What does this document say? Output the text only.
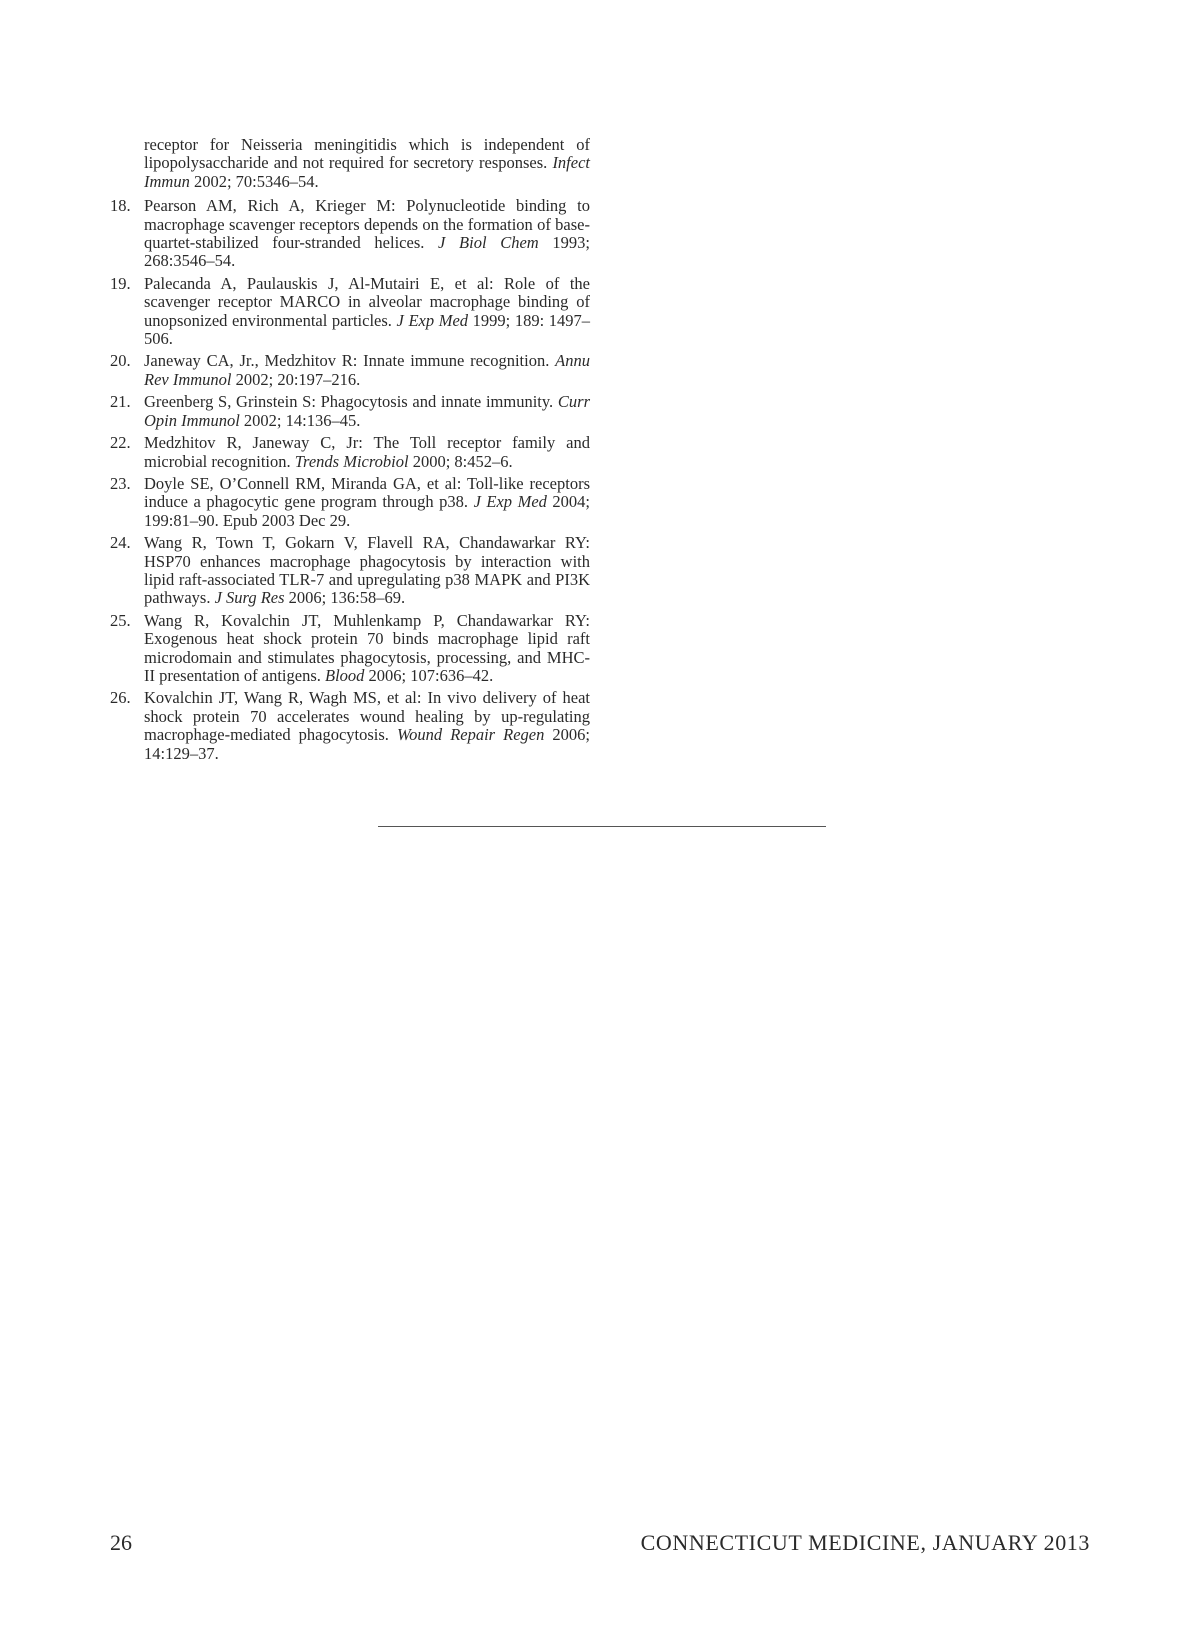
receptor for Neisseria meningitidis which is independent of lipopolysaccharide and not required for secretory responses. Infect Immun 2002; 70:5346–54.
18. Pearson AM, Rich A, Krieger M: Polynucleotide binding to macrophage scavenger receptors depends on the formation of base-quartet-stabilized four-stranded helices. J Biol Chem 1993; 268:3546–54.
19. Palecanda A, Paulauskis J, Al-Mutairi E, et al: Role of the scavenger receptor MARCO in alveolar macrophage binding of unopsonized environmental particles. J Exp Med 1999; 189: 1497–506.
20. Janeway CA, Jr., Medzhitov R: Innate immune recognition. Annu Rev Immunol 2002; 20:197–216.
21. Greenberg S, Grinstein S: Phagocytosis and innate immunity. Curr Opin Immunol 2002; 14:136–45.
22. Medzhitov R, Janeway C, Jr: The Toll receptor family and microbial recognition. Trends Microbiol 2000; 8:452–6.
23. Doyle SE, O’Connell RM, Miranda GA, et al: Toll-like receptors induce a phagocytic gene program through p38. J Exp Med 2004; 199:81–90. Epub 2003 Dec 29.
24. Wang R, Town T, Gokarn V, Flavell RA, Chandawarkar RY: HSP70 enhances macrophage phagocytosis by interaction with lipid raft-associated TLR-7 and upregulating p38 MAPK and PI3K pathways. J Surg Res 2006; 136:58–69.
25. Wang R, Kovalchin JT, Muhlenkamp P, Chandawarkar RY: Exogenous heat shock protein 70 binds macrophage lipid raft microdomain and stimulates phagocytosis, processing, and MHC-II presentation of antigens. Blood 2006; 107:636–42.
26. Kovalchin JT, Wang R, Wagh MS, et al: In vivo delivery of heat shock protein 70 accelerates wound healing by up-regulating macrophage-mediated phagocytosis. Wound Repair Regen 2006; 14:129–37.
26	CONNECTICUT MEDICINE, JANUARY 2013
